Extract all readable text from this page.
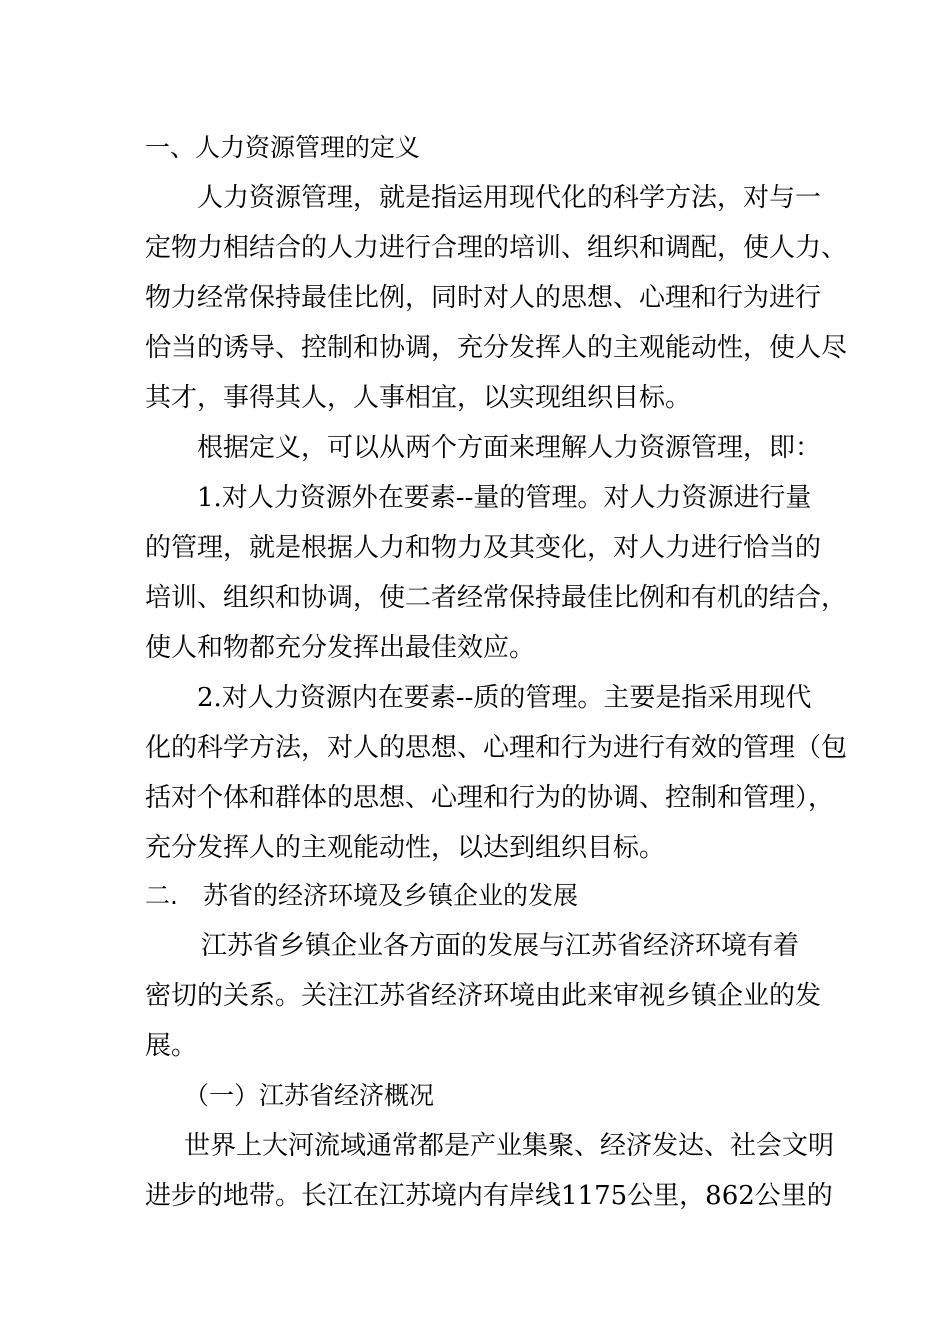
一、人力资源管理的定义
人力资源管理，就是指运用现代化的科学方法，对与一
定物力相结合的人力进行合理的培训、组织和调配，使人力、
物力经常保持最佳比例，同时对人的思想、心理和行为进行
恰当的诱导、控制和协调，充分发挥人的主观能动性，使人尽
其才，事得其人，人事相宜，以实现组织目标。
根据定义，可以从两个方面来理解人力资源管理，即：
1.对人力资源外在要素--量的管理。对人力资源进行量
的管理，就是根据人力和物力及其变化，对人力进行恰当的
培训、组织和协调，使二者经常保持最佳比例和有机的结合，
使人和物都充分发挥出最佳效应。
2.对人力资源内在要素--质的管理。主要是指采用现代
化的科学方法，对人的思想、心理和行为进行有效的管理（包
括对个体和群体的思想、心理和行为的协调、控制和管理），
充分发挥人的主观能动性，以达到组织目标。
二.　苏省的经济环境及乡镇企业的发展
江苏省乡镇企业各方面的发展与江苏省经济环境有着
密切的关系。关注江苏省经济环境由此来审视乡镇企业的发
展。
（一）江苏省经济概况
世界上大河流域通常都是产业集聚、经济发达、社会文明
进步的地带。长江在江苏境内有岸线1175公里，862公里的
